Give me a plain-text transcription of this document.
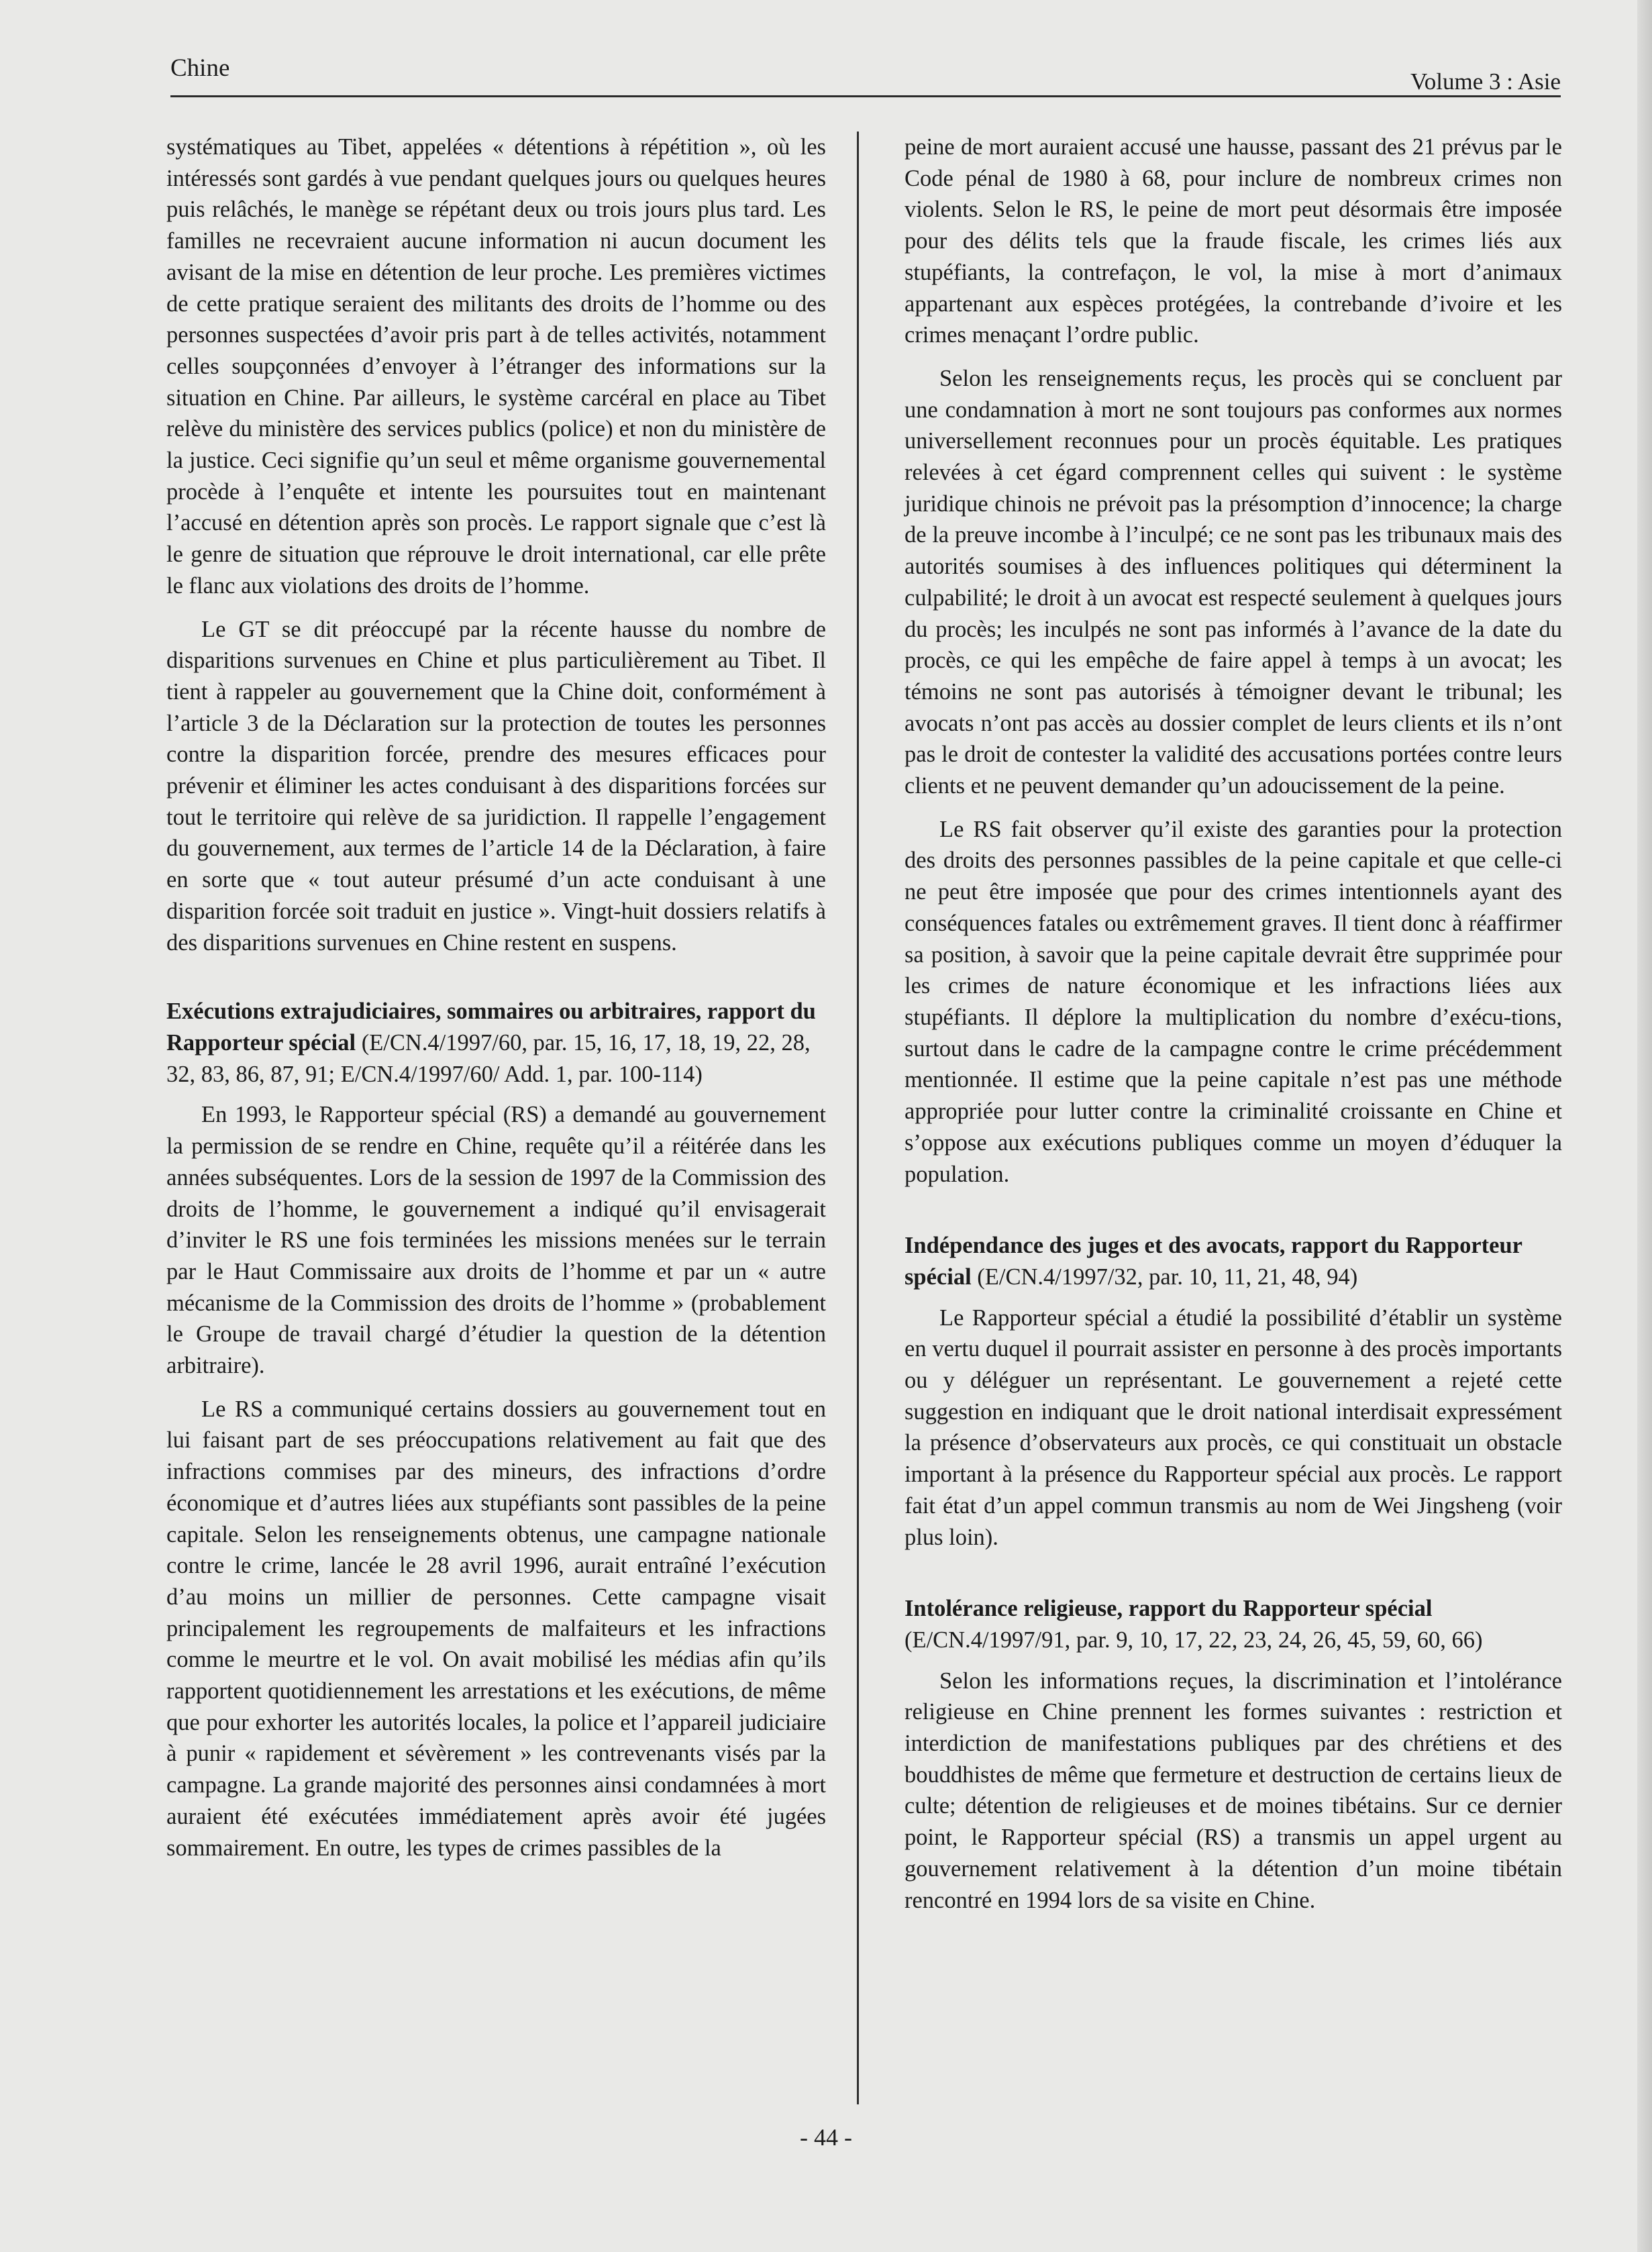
Chine	Volume 3 : Asie

systématiques au Tibet, appelées « détentions à répétition », où les intéressés sont gardés à vue pendant quelques jours ou quelques heures puis relâchés, le manège se répétant deux ou trois jours plus tard. Les familles ne recevraient aucune information ni aucun document les avisant de la mise en détention de leur proche. Les premières victimes de cette pratique seraient des militants des droits de l’homme ou des personnes suspectées d’avoir pris part à de telles activités, notamment celles soupçonnées d’envoyer à l’étranger des informations sur la situation en Chine. Par ailleurs, le système carcéral en place au Tibet relève du ministère des services publics (police) et non du ministère de la justice. Ceci signifie qu’un seul et même organisme gouvernemental procède à l’enquête et intente les poursuites tout en maintenant l’accusé en détention après son procès. Le rapport signale que c’est là le genre de situation que réprouve le droit international, car elle prête le flanc aux violations des droits de l’homme.

Le GT se dit préoccupé par la récente hausse du nombre de disparitions survenues en Chine et plus particulièrement au Tibet. Il tient à rappeler au gouvernement que la Chine doit, conformément à l’article 3 de la Déclaration sur la protection de toutes les personnes contre la disparition forcée, prendre des mesures efficaces pour prévenir et éliminer les actes conduisant à des disparitions forcées sur tout le territoire qui relève de sa juridiction. Il rappelle l’engagement du gouvernement, aux termes de l’article 14 de la Déclaration, à faire en sorte que « tout auteur présumé d’un acte conduisant à une disparition forcée soit traduit en justice ». Vingt-huit dossiers relatifs à des disparitions survenues en Chine restent en suspens.

Exécutions extrajudiciaires, sommaires ou arbitraires, rapport du Rapporteur spécial (E/CN.4/1997/60, par. 15, 16, 17, 18, 19, 22, 28, 32, 83, 86, 87, 91; E/CN.4/1997/60/ Add. 1, par. 100-114)

En 1993, le Rapporteur spécial (RS) a demandé au gouvernement la permission de se rendre en Chine, requête qu’il a réitérée dans les années subséquentes. Lors de la session de 1997 de la Commission des droits de l’homme, le gouvernement a indiqué qu’il envisagerait d’inviter le RS une fois terminées les missions menées sur le terrain par le Haut Commissaire aux droits de l’homme et par un « autre mécanisme de la Commission des droits de l’homme » (probablement le Groupe de travail chargé d’étudier la question de la détention arbitraire).

Le RS a communiqué certains dossiers au gouvernement tout en lui faisant part de ses préoccupations relativement au fait que des infractions commises par des mineurs, des infractions d’ordre économique et d’autres liées aux stupéfiants sont passibles de la peine capitale. Selon les renseignements obtenus, une campagne nationale contre le crime, lancée le 28 avril 1996, aurait entraîné l’exécution d’au moins un millier de personnes. Cette campagne visait principalement les regroupements de malfaiteurs et les infractions comme le meurtre et le vol. On avait mobilisé les médias afin qu’ils rapportent quotidiennement les arrestations et les exécutions, de même que pour exhorter les autorités locales, la police et l’appareil judiciaire à punir « rapidement et sévèrement » les contrevenants visés par la campagne. La grande majorité des personnes ainsi condamnées à mort auraient été exécutées immédiatement après avoir été jugées sommairement. En outre, les types de crimes passibles de la

peine de mort auraient accusé une hausse, passant des 21 prévus par le Code pénal de 1980 à 68, pour inclure de nombreux crimes non violents. Selon le RS, le peine de mort peut désormais être imposée pour des délits tels que la fraude fiscale, les crimes liés aux stupéfiants, la contrefaçon, le vol, la mise à mort d’animaux appartenant aux espèces protégées, la contrebande d’ivoire et les crimes menaçant l’ordre public.

Selon les renseignements reçus, les procès qui se concluent par une condamnation à mort ne sont toujours pas conformes aux normes universellement reconnues pour un procès équitable. Les pratiques relevées à cet égard comprennent celles qui suivent : le système juridique chinois ne prévoit pas la présomption d’innocence; la charge de la preuve incombe à l’inculpé; ce ne sont pas les tribunaux mais des autorités soumises à des influences politiques qui déterminent la culpabilité; le droit à un avocat est respecté seulement à quelques jours du procès; les inculpés ne sont pas informés à l’avance de la date du procès, ce qui les empêche de faire appel à temps à un avocat; les témoins ne sont pas autorisés à témoigner devant le tribunal; les avocats n’ont pas accès au dossier complet de leurs clients et ils n’ont pas le droit de contester la validité des accusations portées contre leurs clients et ne peuvent demander qu’un adoucissement de la peine.

Le RS fait observer qu’il existe des garanties pour la protection des droits des personnes passibles de la peine capitale et que celle-ci ne peut être imposée que pour des crimes intentionnels ayant des conséquences fatales ou extrêmement graves. Il tient donc à réaffirmer sa position, à savoir que la peine capitale devrait être supprimée pour les crimes de nature économique et les infractions liées aux stupéfiants. Il déplore la multiplication du nombre d’exécu-tions, surtout dans le cadre de la campagne contre le crime précédemment mentionnée. Il estime que la peine capitale n’est pas une méthode appropriée pour lutter contre la criminalité croissante en Chine et s’oppose aux exécutions publiques comme un moyen d’éduquer la population.

Indépendance des juges et des avocats, rapport du Rapporteur spécial (E/CN.4/1997/32, par. 10, 11, 21, 48, 94)

Le Rapporteur spécial a étudié la possibilité d’établir un système en vertu duquel il pourrait assister en personne à des procès importants ou y déléguer un représentant. Le gouvernement a rejeté cette suggestion en indiquant que le droit national interdisait expressément la présence d’observateurs aux procès, ce qui constituait un obstacle important à la présence du Rapporteur spécial aux procès. Le rapport fait état d’un appel commun transmis au nom de Wei Jingsheng (voir plus loin).

Intolérance religieuse, rapport du Rapporteur spécial (E/CN.4/1997/91, par. 9, 10, 17, 22, 23, 24, 26, 45, 59, 60, 66)

Selon les informations reçues, la discrimination et l’intolérance religieuse en Chine prennent les formes suivantes : restriction et interdiction de manifestations publiques par des chrétiens et des bouddhistes de même que fermeture et destruction de certains lieux de culte; détention de religieuses et de moines tibétains. Sur ce dernier point, le Rapporteur spécial (RS) a transmis un appel urgent au gouvernement relativement à la détention d’un moine tibétain rencontré en 1994 lors de sa visite en Chine.

- 44 -
